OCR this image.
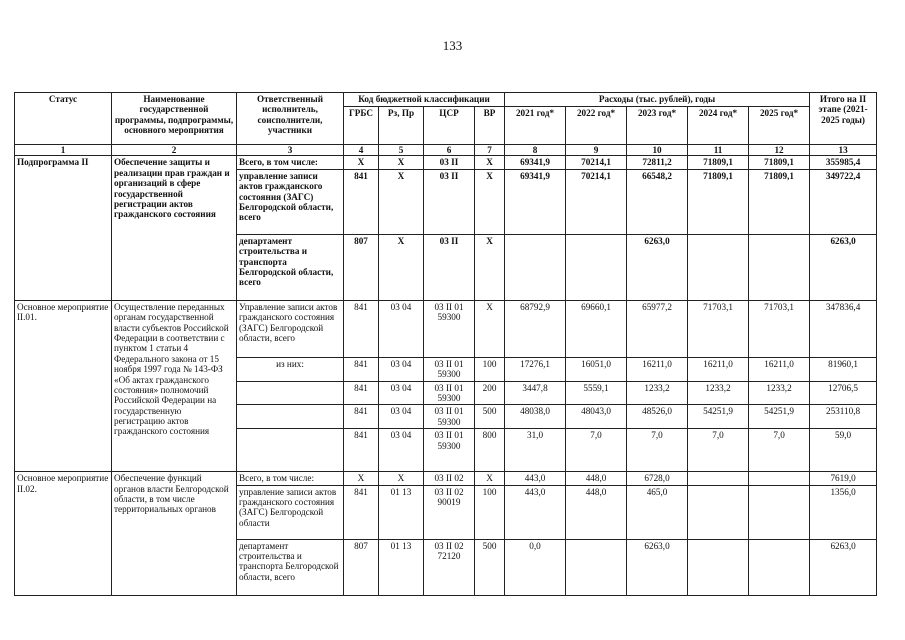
133
Статус	Наименование государственной программы, подпрограммы, основного мероприятия	Ответственный исполнитель, соисполнители, участники	Код бюджетной классификации				Расходы (тыс. рублей), годы					Итого на II этапе (2021-2025 годы)
			ГРБС	Рз, Пр	ЦСР	ВР	2021 год*	2022 год*	2023 год*	2024 год*	2025 год*	
1	2	3	4	5	6	7	8	9	10	11	12	13
Подпрограмма II	Обеспечение защиты и реализации прав граждан и организаций в сфере государственной регистрации актов гражданского состояния	Всего, в том числе:	X	X	03 II	X	69341,9	70214,1	72811,2	71809,1	71809,1	355985,4
		управление записи актов гражданского состояния (ЗАГС) Белгородской области, всего	841	X	03 II	X	69341,9	70214,1	66548,2	71809,1	71809,1	349722,4
		департамент строительства и транспорта Белгородской области, всего	807	X	03 II	X			6263,0			6263,0
Основное мероприятие II.01.	Осуществление переданных органам государственной власти субъектов Российской Федерации в соответствии с пунктом 1 статьи 4 Федерального закона от 15 ноября 1997 года № 143-ФЗ «Об актах гражданского состояния» полномочий Российской Федерации на государственную регистрацию актов гражданского состояния	Управление записи актов гражданского состояния (ЗАГС) Белгородской области, всего	841	03 04	03 II 01 59300	X	68792,9	69660,1	65977,2	71703,1	71703,1	347836,4
		из них:	841	03 04	03 II 01 59300	100	17276,1	16051,0	16211,0	16211,0	16211,0	81960,1
			841	03 04	03 II 01 59300	200	3447,8	5559,1	1233,2	1233,2	1233,2	12706,5
			841	03 04	03 II 01 59300	500	48038,0	48043,0	48526,0	54251,9	54251,9	253110,8
			841	03 04	03 II 01 59300	800	31,0	7,0	7,0	7,0	7,0	59,0
Основное мероприятие II.02.	Обеспечение функций органов власти Белгородской области, в том числе территориальных органов	Всего, в том числе:	X	X	03 II 02	X	443,0	448,0	6728,0			7619,0
		управление записи актов гражданского состояния (ЗАГС) Белгородской области	841	01 13	03 II 02 90019	100	443,0	448,0	465,0			1356,0
		департамент строительства и транспорта Белгородской области, всего	807	01 13	03 II 02 72120	500	0,0		6263,0			6263,0
